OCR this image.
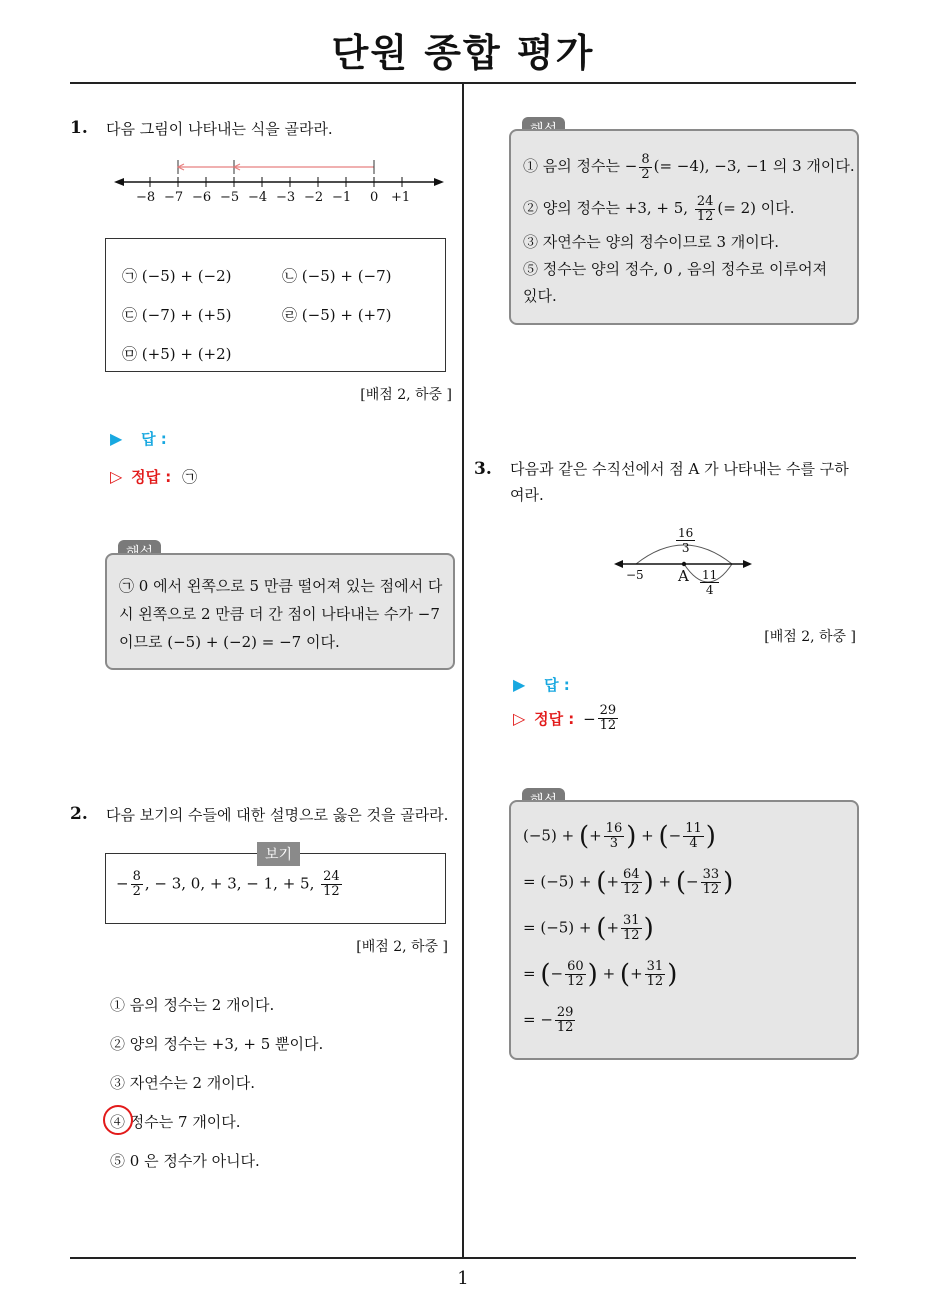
단원 종합 평가
1
1. 다음 그림이 나타내는 식을 골라라.
−8 −7 −6 −5 −4 −3 −2 −1 0 +1
㉠ (−5) + (−2)	㉡ (−5) + (−7)
㉢ (−7) + (+5)	㉣ (−5) + (+7)
㉤ (+5) + (+2)
[배점 2, 하중 ]
▶ 답 :
▷ 정답 : ㉠
㉠ 0 에서 왼쪽으로 5 만큼 떨어져 있는 점에서 다
시 왼쪽으로 2 만큼 더 간 점이 나타내는 수가 −7
이므로 (−5) + (−2) = −7 이다.
2. 다음 보기의 수들에 대한 설명으로 옳은 것을 골라라.
보기
− $\frac{8}{2}$ , − 3, 0, + 3, − 1, + 5, $\frac{24}{12}$
[배점 2, 하중 ]
① 음의 정수는 2 개이다.
② 양의 정수는 +3, + 5 뿐이다.
③ 자연수는 2 개이다.
④ 정수는 7 개이다.
⑤ 0 은 정수가 아니다.
① 음의 정수는 − $\frac{8}{2}$ (= −4), −3, −1 의 3 개이다.
② 양의 정수는 +3, + 5, $\frac{24}{12}$ (= 2) 이다.
③ 자연수는 양의 정수이므로 3 개이다.
⑤ 정수는 양의 정수, 0 , 음의 정수로 이루어져
있다.
3. 다음과 같은 수직선에서 점 A 가 나타내는 수를 구하
여라.
$\frac{16}{3}$
−5 A $\frac{11}{4}$
[배점 2, 하중 ]
▶ 답 :
▷ 정답 : − $\frac{29}{12}$
(−5) + (+ $\frac{16}{3}$ ) + (− $\frac{11}{4}$ )
= (−5) + (+ $\frac{64}{12}$ ) + (− $\frac{33}{12}$ )
= (−5) + (+ $\frac{31}{12}$ )
= (− $\frac{60}{12}$ ) + (+ $\frac{31}{12}$ )
= − $\frac{29}{12}$
